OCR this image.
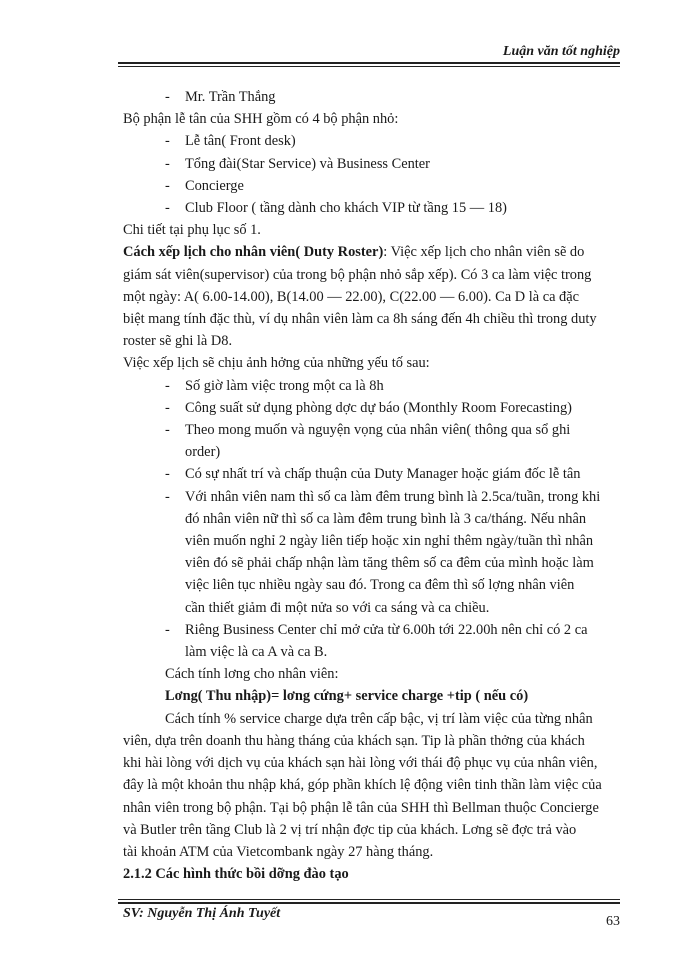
Luận văn tốt nghiệp
- Mr. Trần Thắng
Bộ phận lễ tân của SHH gồm có 4 bộ phận nhỏ:
- Lễ tân( Front desk)
- Tổng đài(Star Service) và Business Center
- Concierge
- Club Floor ( tầng dành cho khách VIP từ tầng 15 — 18)
Chi tiết tại phụ lục số 1.
Cách xếp lịch cho nhân viên( Duty Roster): Việc xếp lịch cho nhân viên sẽ do
giám sát viên(supervisor) của trong bộ phận nhỏ sắp xếp). Có 3 ca làm việc trong
một ngày: A( 6.00-14.00), B(14.00 — 22.00), C(22.00 — 6.00). Ca D là ca đặc
biệt mang tính đặc thù, ví dụ nhân viên làm ca 8h sáng đến 4h chiều thì trong duty
roster sẽ ghi là D8.
Việc xếp lịch sẽ chịu ảnh hởng của những yếu tố sau:
- Số giờ làm việc trong một ca là 8h
- Công suất sử dụng phòng dợc dự báo (Monthly Room Forecasting)
- Theo mong muốn và nguyện vọng của nhân viên( thông qua sổ ghi
order)
- Có sự nhất trí và chấp thuận của Duty Manager hoặc giám đốc lễ tân
- Với nhân viên nam thì số ca làm đêm trung bình là 2.5ca/tuần, trong khi
đó nhân viên nữ thì số ca làm đêm trung bình là 3 ca/tháng. Nếu nhân
viên muốn nghỉ 2 ngày liên tiếp hoặc xin nghỉ thêm ngày/tuần thì nhân
viên đó sẽ phải chấp nhận làm tăng thêm số ca đêm của mình hoặc làm
việc liên tục nhiều ngày sau đó. Trong ca đêm thì số lợng nhân viên
cần thiết giảm đi một nửa so với ca sáng và ca chiều.
- Riêng Business Center chỉ mở cửa từ 6.00h tới 22.00h nên chỉ có 2 ca
làm việc là ca A và ca B.
Cách tính lơng cho nhân viên:
Lơng( Thu nhập)= lơng cứng+ service charge +tip ( nếu có)
Cách tính % service charge dựa trên cấp bậc, vị trí làm việc của từng nhân
viên, dựa trên doanh thu hàng tháng của khách sạn. Tip là phần thởng của khách
khi hài lòng với dịch vụ của khách sạn hài lòng với thái độ phục vụ của nhân viên,
đây là một khoản thu nhập khá, góp phần khích lệ động viên tinh thần làm việc của
nhân viên trong bộ phận. Tại bộ phận lễ tân của SHH thì Bellman thuộc Concierge
và Butler trên tầng Club là 2 vị trí nhận đợc tip của khách. Lơng sẽ đợc trả vào
tài khoản ATM của Vietcombank ngày 27 hàng tháng.
2.1.2 Các hình thức bồi dỡng đào tạo
SV: Nguyễn Thị Ánh Tuyết
63
